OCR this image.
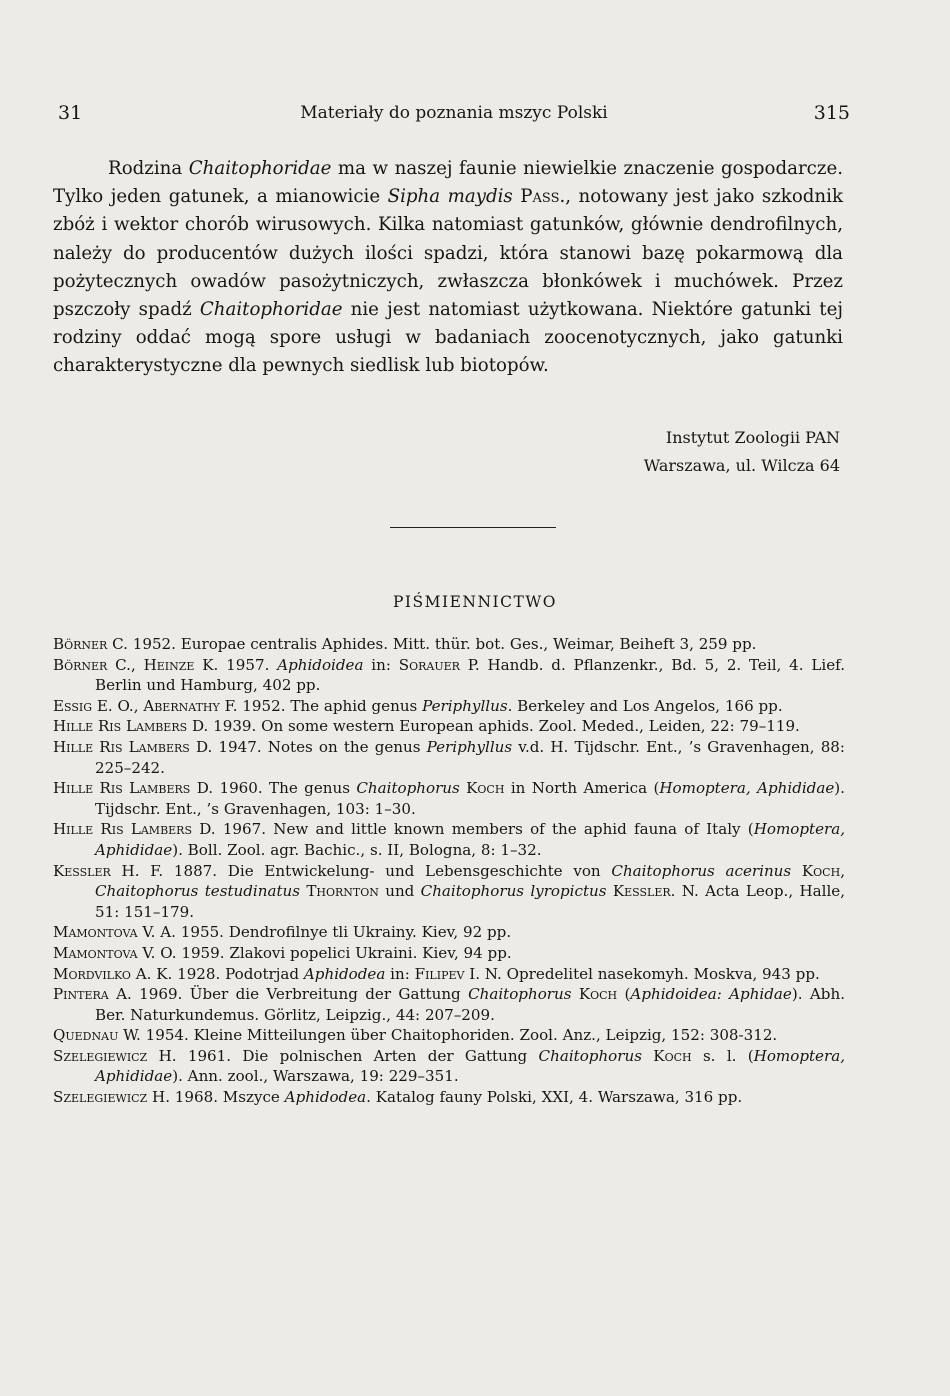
31	Materiały do poznania mszyc Polski	315

Rodzina Chaitophoridae ma w naszej faunie niewielkie znaczenie gospodarcze. Tylko jeden gatunek, a mianowicie Sipha maydis Pass., notowany jest jako szkodnik zbóż i wektor chorób wirusowych. Kilka natomiast gatunków, głównie dendrofilnych, należy do producentów dużych ilości spadzi, która stanowi bazę pokarmową dla pożytecznych owadów pasożytniczych, zwłaszcza błonkówek i muchówek. Przez pszczoły spadź Chaitophoridae nie jest natomiast użytkowana. Niektóre gatunki tej rodziny oddać mogą spore usługi w badaniach zoocenotycznych, jako gatunki charakterystyczne dla pewnych siedlisk lub biotopów.

Instytut Zoologii PAN
Warszawa, ul. Wilcza 64
PIŚMIENNICTWO

Börner C. 1952. Europae centralis Aphides. Mitt. thür. bot. Ges., Weimar, Beiheft 3, 259 pp.

Börner C., Heinze K. 1957. Aphidoidea in: Sorauer P. Handb. d. Pflanzenkr., Bd. 5, 2. Teil, 4. Lief. Berlin und Hamburg, 402 pp.

Essig E. O., Abernathy F. 1952. The aphid genus Periphyllus. Berkeley and Los Angelos, 166 pp.

Hille Ris Lambers D. 1939. On some western European aphids. Zool. Meded., Leiden, 22: 79–119.

Hille Ris Lambers D. 1947. Notes on the genus Periphyllus v.d. H. Tijdschr. Ent., ’s Gravenhagen, 88: 225–242.

Hille Ris Lambers D. 1960. The genus Chaitophorus Koch in North America (Homoptera, Aphididae). Tijdschr. Ent., ’s Gravenhagen, 103: 1–30.

Hille Ris Lambers D. 1967. New and little known members of the aphid fauna of Italy (Homoptera, Aphididae). Boll. Zool. agr. Bachic., s. II, Bologna, 8: 1–32.

Kessler H. F. 1887. Die Entwickelung- und Lebensgeschichte von Chaitophorus acerinus Koch, Chaitophorus testudinatus Thornton und Chaitophorus lyropictus Kessler. N. Acta Leop., Halle, 51: 151–179.

Mamontova V. A. 1955. Dendrofilnye tli Ukrainy. Kiev, 92 pp.

Mamontova V. O. 1959. Zlakovi popelici Ukraini. Kiev, 94 pp.

Mordvilko A. K. 1928. Podotrjad Aphidodea in: Filipev I. N. Opredelitel nasekomyh. Moskva, 943 pp.

Pintera A. 1969. Über die Verbreitung der Gattung Chaitophorus Koch (Aphidoidea: Aphidae). Abh. Ber. Naturkundemus. Görlitz, Leipzig., 44: 207–209.

Quednau W. 1954. Kleine Mitteilungen über Chaitophoriden. Zool. Anz., Leipzig, 152: 308-312.

Szelegiewicz H. 1961. Die polnischen Arten der Gattung Chaitophorus Koch s. l. (Homoptera, Aphididae). Ann. zool., Warszawa, 19: 229–351.

Szelegiewicz H. 1968. Mszyce Aphidodea. Katalog fauny Polski, XXI, 4. Warszawa, 316 pp.
